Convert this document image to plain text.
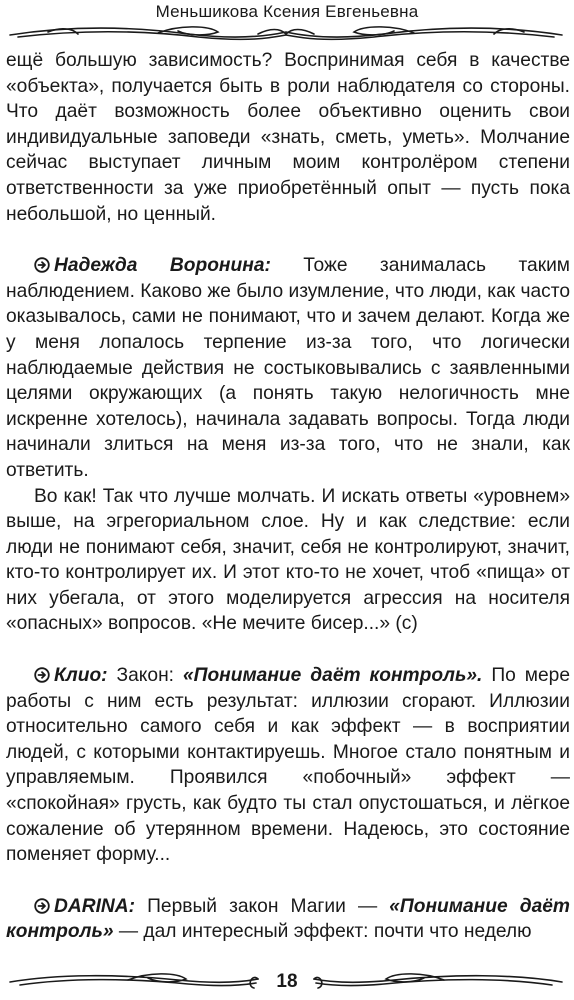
Меньшикова Ксения Евгеньевна

ещё большую зависимость? Воспринимая себя в качестве «объекта», получается быть в роли наблюдателя со стороны. Что даёт возможность более объективно оценить свои индивидуальные заповеди «знать, сметь, уметь». Молчание сейчас выступает личным моим контролёром степени ответственности за уже приобретённый опыт — пусть пока небольшой, но ценный.

Надежда Воронина: Тоже занималась таким наблюдением. Каково же было изумление, что люди, как часто оказывалось, сами не понимают, что и зачем делают. Когда же у меня лопалось терпение из-за того, что логически наблюдаемые действия не состыковывались с заявленными целями окружающих (а понять такую нелогичность мне искренне хотелось), начинала задавать вопросы. Тогда люди начинали злиться на меня из-за того, что не знали, как ответить.

Во как! Так что лучше молчать. И искать ответы «уровнем» выше, на эгрегориальном слое. Ну и как следствие: если люди не понимают себя, значит, себя не контролируют, значит, кто-то контролирует их. И этот кто-то не хочет, чтоб «пища» от них убегала, от этого моделируется агрессия на носителя «опасных» вопросов. «Не мечите бисер...» (с)

Клио: Закон: «Понимание даёт контроль». По мере работы с ним есть результат: иллюзии сгорают. Иллюзии относительно самого себя и как эффект — в восприятии людей, с которыми контактируешь. Многое стало понятным и управляемым. Проявился «побочный» эффект — «спокойная» грусть, как будто ты стал опустошаться, и лёгкое сожаление об утерянном времени. Надеюсь, это состояние поменяет форму...

DARINA: Первый закон Магии — «Понимание даёт контроль» — дал интересный эффект: почти что неделю

18
